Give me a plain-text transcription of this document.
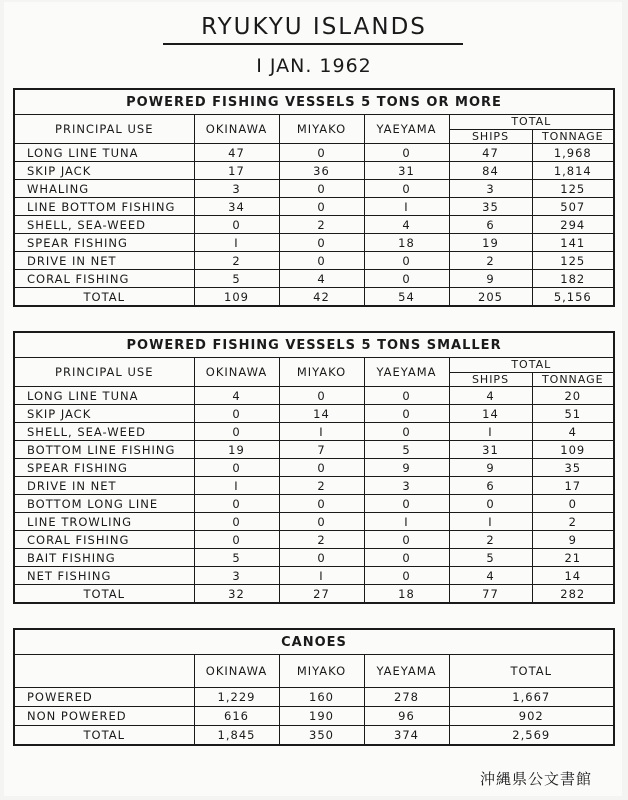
RYUKYU ISLANDS
I JAN. 1962
POWERED FISHING VESSELS 5 TONS OR MORE					
PRINCIPAL USE	OKINAWA	MIYAKO	YAEYAMA	TOTAL	
				SHIPS	TONNAGE
LONG LINE TUNA	47	0	0	47	1,968
SKIP JACK	17	36	31	84	1,814
WHALING	3	0	0	3	125
LINE BOTTOM FISHING	34	0	I	35	507
SHELL, SEA-WEED	0	2	4	6	294
SPEAR FISHING	I	0	18	19	141
DRIVE IN NET	2	0	0	2	125
CORAL FISHING	5	4	0	9	182
TOTAL	109	42	54	205	5,156
POWERED FISHING VESSELS 5 TONS SMALLER					
PRINCIPAL USE	OKINAWA	MIYAKO	YAEYAMA	TOTAL	
				SHIPS	TONNAGE
LONG LINE TUNA	4	0	0	4	20
SKIP JACK	0	14	0	14	51
SHELL, SEA-WEED	0	I	0	I	4
BOTTOM LINE FISHING	19	7	5	31	109
SPEAR FISHING	0	0	9	9	35
DRIVE IN NET	I	2	3	6	17
BOTTOM LONG LINE	0	0	0	0	0
LINE TROWLING	0	0	I	I	2
CORAL FISHING	0	2	0	2	9
BAIT FISHING	5	0	0	5	21
NET FISHING	3	I	0	4	14
TOTAL	32	27	18	77	282
CANOES				
	OKINAWA	MIYAKO	YAEYAMA	TOTAL
POWERED	1,229	160	278	1,667
NON POWERED	616	190	96	902
TOTAL	1,845	350	374	2,569
沖縄県公文書館
